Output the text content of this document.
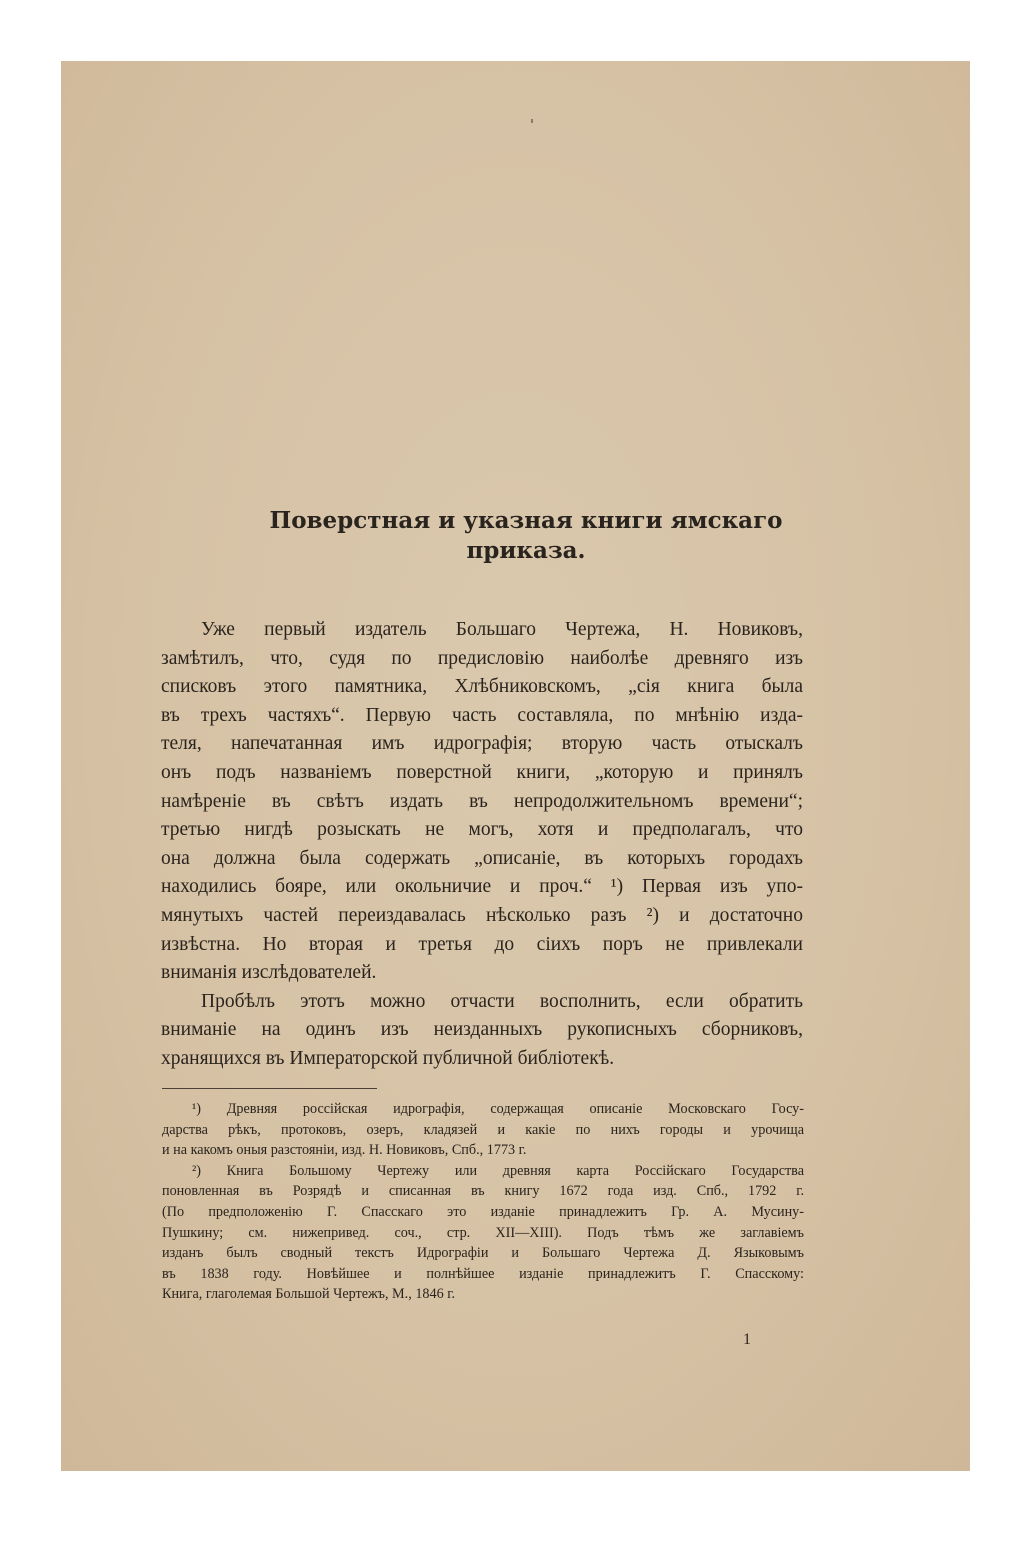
Поверстная и указная книги ямскаго
приказа.
Уже первый издатель Большаго Чертежа, Н. Новиковъ,
замѣтилъ, что, судя по предисловію наиболѣе древняго изъ
списковъ этого памятника, Хлѣбниковскомъ, „сія книга была
въ трехъ частяхъ“. Первую часть составляла, по мнѣнію изда-
теля, напечатанная имъ идрографія; вторую часть отыскалъ
онъ подъ названіемъ поверстной книги, „которую и принялъ
намѣреніе въ свѣтъ издать въ непродолжительномъ времени“;
третью нигдѣ розыскать не могъ, хотя и предполагалъ, что
она должна была содержать „описаніе, въ которыхъ городахъ
находились бояре, или окольничие и проч.“ ¹) Первая изъ упо-
мянутыхъ частей переиздавалась нѣсколько разъ ²) и достаточно
извѣстна. Но вторая и третья до сіихъ поръ не привлекали
вниманія изслѣдователей.
Пробѣлъ этотъ можно отчасти восполнить, если обратить
вниманіе на одинъ изъ неизданныхъ рукописныхъ сборниковъ,
хранящихся въ Императорской публичной библіотекѣ.
¹) Древняя россійская идрографія, содержащая описаніе Московскаго Госу-
дарства рѣкъ, протоковъ, озеръ, кладязей и какіе по нихъ городы и урочища
и на какомъ оныя разстояніи, изд. Н. Новиковъ, Спб., 1773 г.
²) Книга Большому Чертежу или древняя карта Россійскаго Государства
поновленная въ Розрядѣ и списанная въ книгу 1672 года изд. Спб., 1792 г.
(По предположенію Г. Спасскаго это изданіе принадлежитъ Гр. А. Мусину-
Пушкину; см. нижепривед. соч., стр. XII—XIII). Подъ тѣмъ же заглавіемъ
изданъ былъ сводный текстъ Идрографіи и Большаго Чертежа Д. Языковымъ
въ 1838 году. Новѣйшее и полнѣйшее изданіе принадлежитъ Г. Спасскому:
Книга, глаголемая Большой Чертежъ, М., 1846 г.
1
